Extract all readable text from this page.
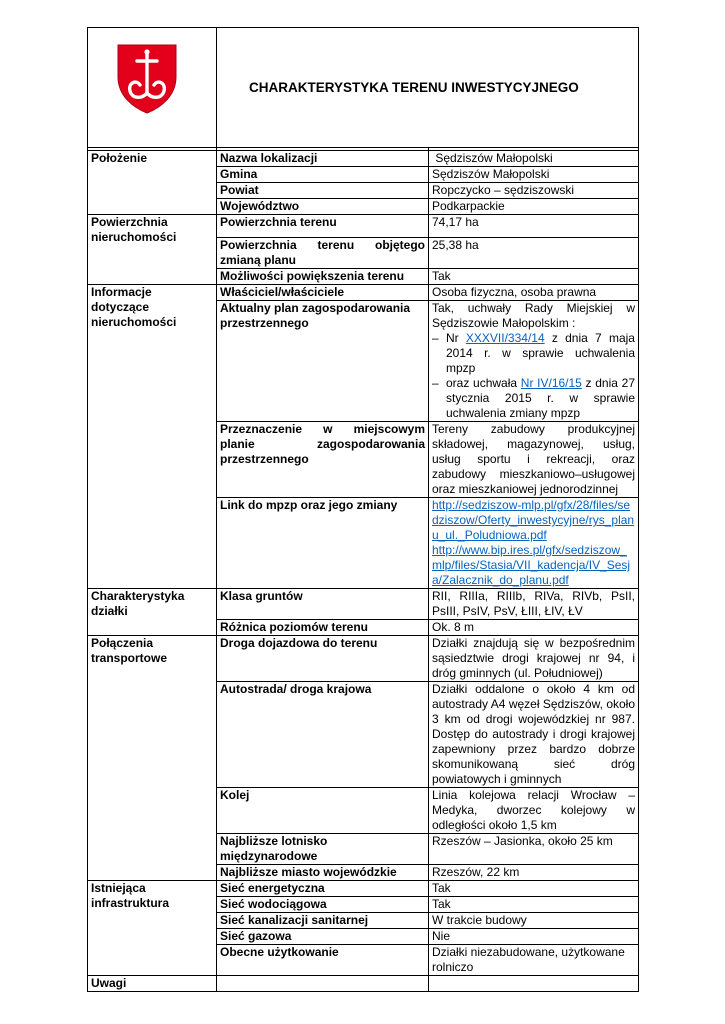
	CHARAKTERYSTYKA TERENU INWESTYCYJNEGO	

Położenie	Nazwa lokalizacji	Sędziszów Małopolski
	Gmina	Sędziszów Małopolski
	Powiat	Ropczycko – sędziszowski
	Województwo	Podkarpackie
Powierzchnia nieruchomości	Powierzchnia terenu	74,17 ha
	Powierzchnia terenu objętego zmianą planu	25,38 ha
	Możliwości powiększenia terenu	Tak
Informacje dotyczące nieruchomości	Właściciel/właściciele	Osoba fizyczna, osoba prawna
	Aktualny plan zagospodarowania przestrzennego	Tak, uchwały Rady Miejskiej w Sędziszowie Małopolskim :
– Nr XXXVII/334/14 z dnia 7 maja 2014 r. w sprawie uchwalenia mpzp
– oraz uchwała Nr IV/16/15 z dnia 27 stycznia 2015 r. w sprawie uchwalenia zmiany mpzp

	Przeznaczenie w miejscowym planie zagospodarowania przestrzennego	Tereny zabudowy produkcyjnej składowej, magazynowej, usług, usług sportu i rekreacji, oraz zabudowy mieszkaniowo–usługowej oraz mieszkaniowej jednorodzinnej
	Link do mpzp oraz jego zmiany	http://sedziszow-mlp.pl/gfx/28/files/sedziszow/Oferty_inwestycyjne/rys_planu_ul._Poludniowa.pdf
http://www.bip.ires.pl/gfx/sedziszow_mlp/files/Stasia/VII_kadencja/IV_Sesja/Zalacznik_do_planu.pdf

Charakterystyka działki	Klasa gruntów	RII, RIIIa, RIIIb, RIVa, RIVb, PsII, PsIII, PsIV, PsV, ŁIII, ŁIV, ŁV
	Różnica poziomów terenu	Ok. 8 m
Połączenia transportowe	Droga dojazdowa do terenu	Działki znajdują się w bezpośrednim sąsiedztwie drogi krajowej nr 94, i dróg gminnych (ul. Południowej)
	Autostrada/ droga krajowa	Działki oddalone o około 4 km od autostrady A4 węzeł Sędziszów, około 3 km od drogi wojewódzkiej nr 987. Dostęp do autostrady i drogi krajowej zapewniony przez bardzo dobrze skomunikowaną sieć dróg powiatowych i gminnych
	Kolej	Linia kolejowa relacji Wrocław – Medyka, dworzec kolejowy w odległości około 1,5 km
	Najbliższe lotnisko międzynarodowe	Rzeszów – Jasionka, około 25 km
	Najbliższe miasto wojewódzkie	Rzeszów, 22 km
Istniejąca infrastruktura	Sieć energetyczna	Tak
	Sieć wodociągowa	Tak
	Sieć kanalizacji sanitarnej	W trakcie budowy
	Sieć gazowa	Nie
	Obecne użytkowanie	Działki niezabudowane, użytkowane rolniczo
Uwagi		
